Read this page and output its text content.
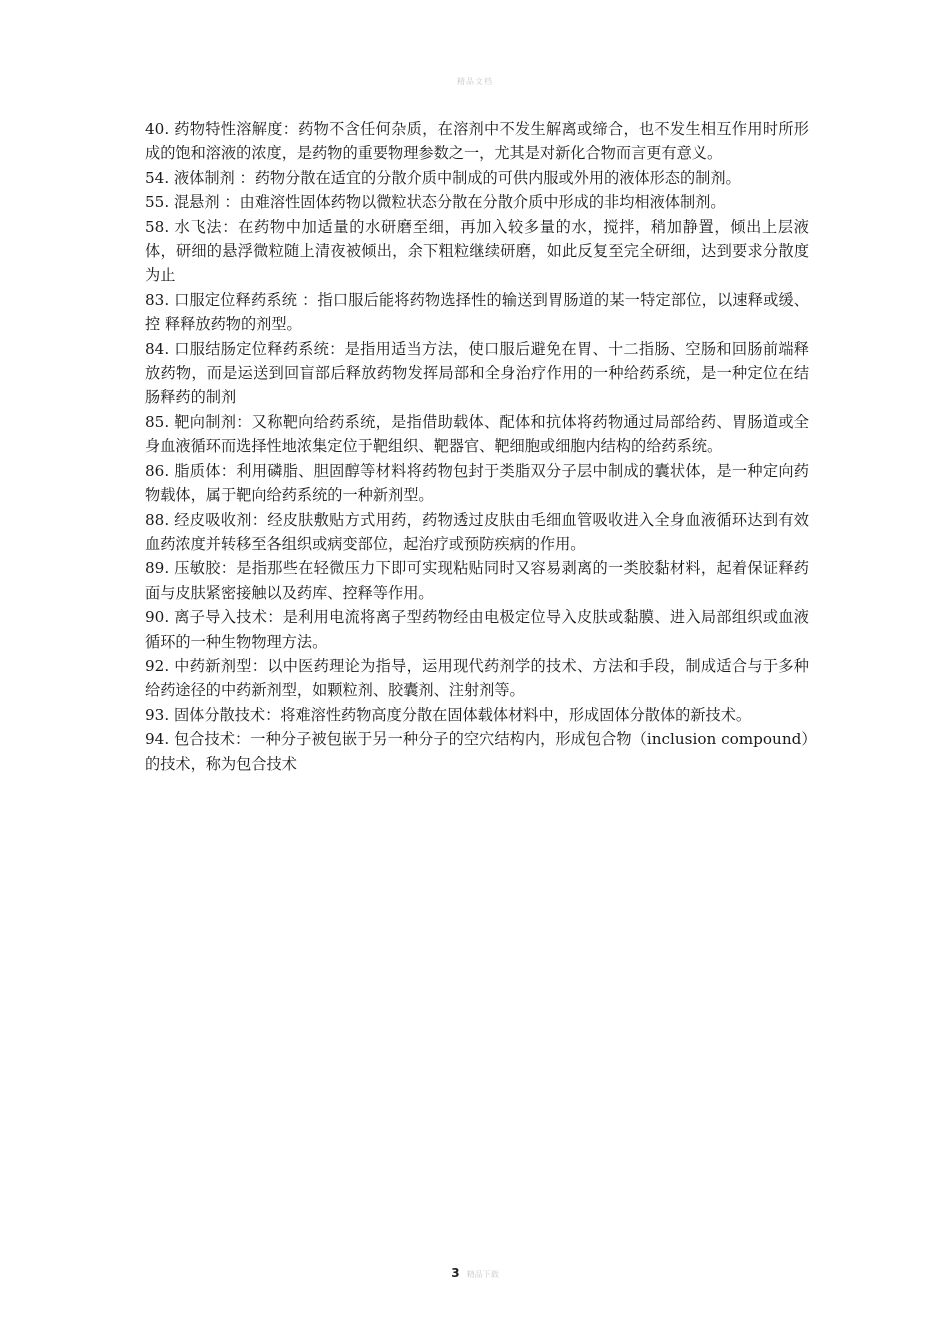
精品文档

40. 药物特性溶解度：药物不含任何杂质，在溶剂中不发生解离或缔合，也不发生相互作用时所形成的饱和溶液的浓度，是药物的重要物理参数之一，尤其是对新化合物而言更有意义。

54. 液体制剂 ：药物分散在适宜的分散介质中制成的可供内服或外用的液体形态的制剂。

55. 混悬剂 ：由难溶性固体药物以微粒状态分散在分散介质中形成的非均相液体制剂。

58. 水飞法：在药物中加适量的水研磨至细，再加入较多量的水，搅拌，稍加静置，倾出上层液体，研细的悬浮微粒随上清夜被倾出，余下粗粒继续研磨，如此反复至完全研细，达到要求分散度为止

83. 口服定位释药系统 ：指口服后能将药物选择性的输送到胃肠道的某一特定部位，以速释或缓、控 释释放药物的剂型。

84. 口服结肠定位释药系统：是指用适当方法，使口服后避免在胃、十二指肠、空肠和回肠前端释放药物，而是运送到回盲部后释放药物发挥局部和全身治疗作用的一种给药系统，是一种定位在结肠释药的制剂

85. 靶向制剂：又称靶向给药系统，是指借助载体、配体和抗体将药物通过局部给药、胃肠道或全身血液循环而选择性地浓集定位于靶组织、靶器官、靶细胞或细胞内结构的给药系统。

86. 脂质体：利用磷脂、胆固醇等材料将药物包封于类脂双分子层中制成的囊状体，是一种定向药物载体，属于靶向给药系统的一种新剂型。

88. 经皮吸收剂：经皮肤敷贴方式用药，药物透过皮肤由毛细血管吸收进入全身血液循环达到有效血药浓度并转移至各组织或病变部位，起治疗或预防疾病的作用。

89. 压敏胶：是指那些在轻微压力下即可实现粘贴同时又容易剥离的一类胶黏材料，起着保证释药面与皮肤紧密接触以及药库、控释等作用。

90. 离子导入技术：是利用电流将离子型药物经由电极定位导入皮肤或黏膜、进入局部组织或血液循环的一种生物物理方法。

92. 中药新剂型：以中医药理论为指导，运用现代药剂学的技术、方法和手段，制成适合与于多种给药途径的中药新剂型，如颗粒剂、胶囊剂、注射剂等。

93. 固体分散技术：将难溶性药物高度分散在固体载体材料中，形成固体分散体的新技术。

94. 包合技术：一种分子被包嵌于另一种分子的空穴结构内，形成包合物（inclusion compound）的技术，称为包合技术

3 精品下载
